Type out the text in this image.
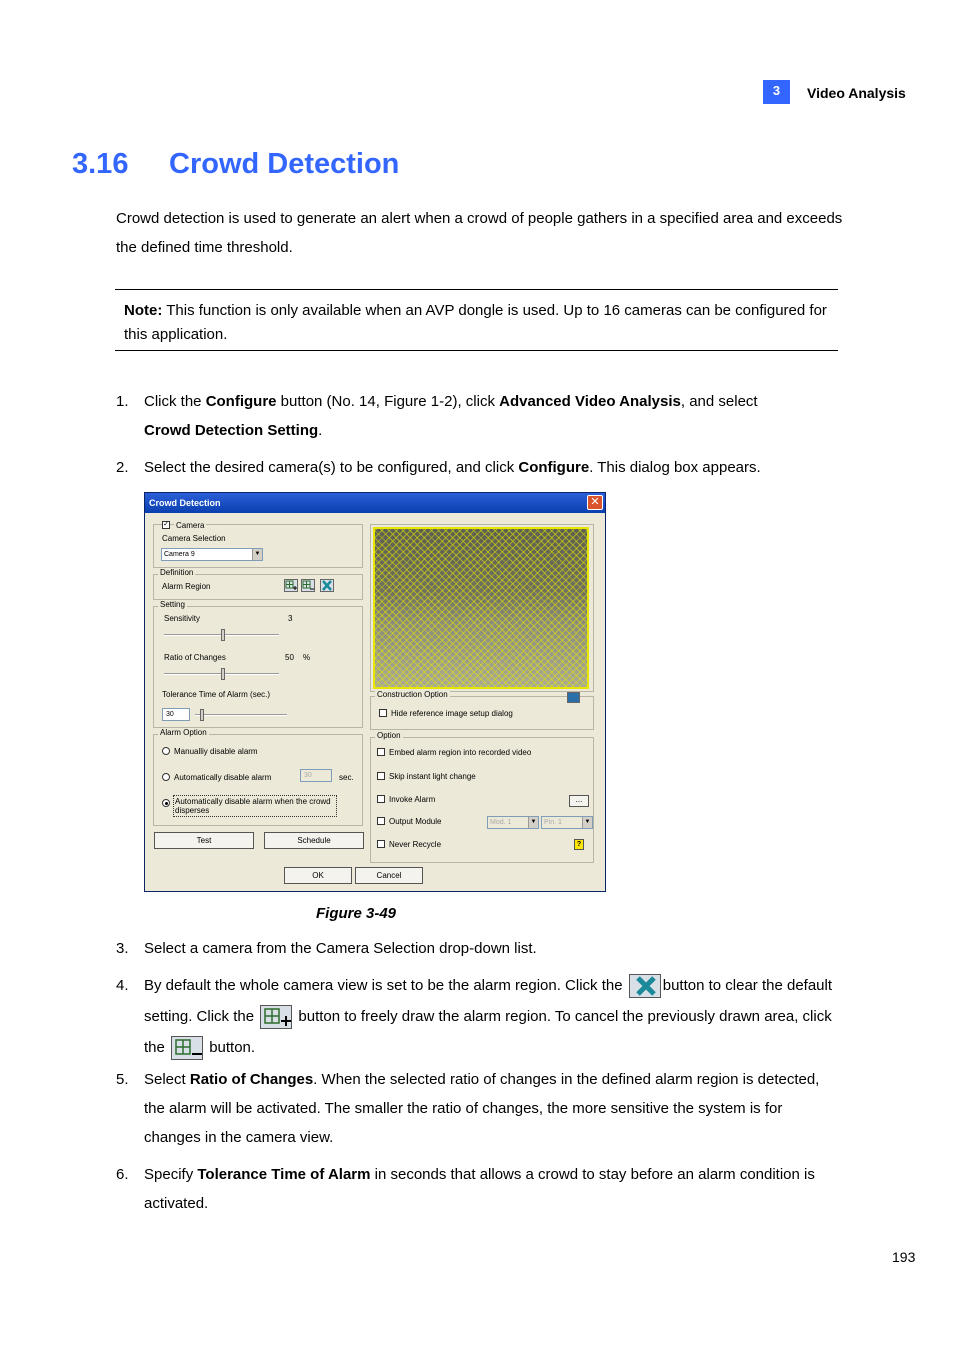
3	Video Analysis
3.16 Crowd Detection

Crowd detection is used to generate an alert when a crowd of people gathers in a specified area and exceeds the defined time threshold.

Note: This function is only available when an AVP dongle is used. Up to 16 cameras can be configured for this application.
1. Click the Configure button (No. 14, Figure 1-2), click Advanced Video Analysis, and select
Crowd Detection Setting.
2. Select the desired camera(s) to be configured, and click Configure. This dialog box appears.
Crowd Detection	✕
✓ Camera
Camera Selection
Camera 9	▼
Definition
Alarm Region
Setting
Sensitivity	3
Ratio of Changes	50 %
Tolerance Time of Alarm (sec.)
30
Alarm Option
Manualliy disable alarm
Automatically disable alarm	30	sec.
Automatically disable alarm when the crowd
disperses
Test	Schedule
Construction Option
Hide reference image setup dialog
Option
Embed alarm region into recorded video
Skip instant light change
Invoke Alarm	...
Output Module	Mod. 1	▼	Pin. 1	▼
Never Recycle	?
OK	Cancel
Figure 3-49
3. Select a camera from the Camera Selection drop-down list.
4. By default the whole camera view is set to be the alarm region. Click the button to clear the default setting. Click the  button to freely draw the alarm region. To cancel the previously drawn area, click the  button.
5. Select Ratio of Changes. When the selected ratio of changes in the defined alarm region is detected, the alarm will be activated. The smaller the ratio of changes, the more sensitive the system is for changes in the camera view.
6. Specify Tolerance Time of Alarm in seconds that allows a crowd to stay before an alarm condition is activated.
193
